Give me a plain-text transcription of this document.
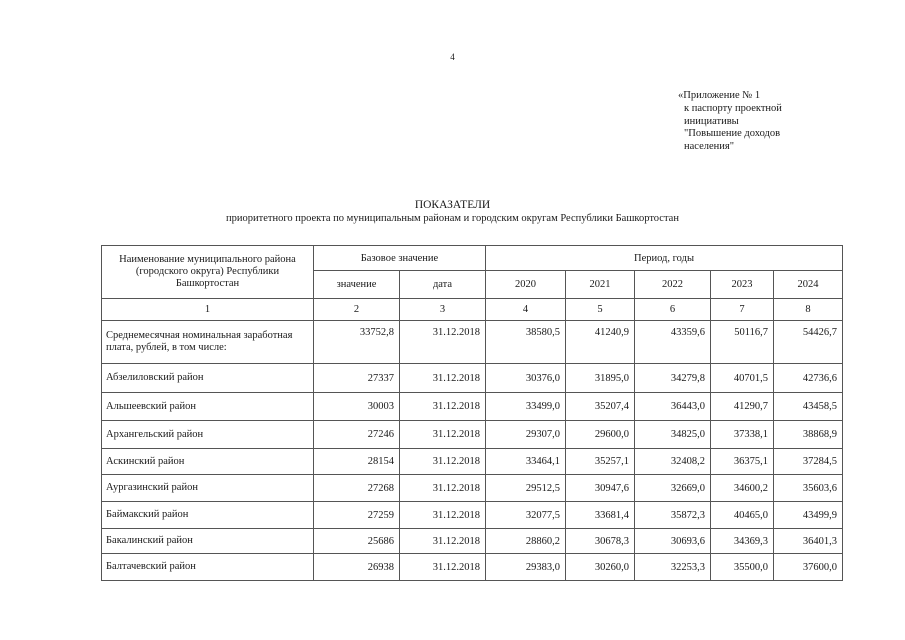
4
«Приложение № 1
к паспорту проектной
инициативы
"Повышение доходов
населения"
ПОКАЗАТЕЛИ
приоритетного проекта по муниципальным районам и городским округам Республики Башкортостан
Наименование муниципального района (городского округа) Республики Башкортостан	Базовое значение		Период, годы				
	значение	дата	2020	2021	2022	2023	2024
1	2	3	4	5	6	7	8
Среднемесячная номинальная заработная плата, рублей, в том числе:	33752,8	31.12.2018	38580,5	41240,9	43359,6	50116,7	54426,7
Абзелиловский район	27337	31.12.2018	30376,0	31895,0	34279,8	40701,5	42736,6
Альшеевский район	30003	31.12.2018	33499,0	35207,4	36443,0	41290,7	43458,5
Архангельский район	27246	31.12.2018	29307,0	29600,0	34825,0	37338,1	38868,9
Аскинский район	28154	31.12.2018	33464,1	35257,1	32408,2	36375,1	37284,5
Аургазинский район	27268	31.12.2018	29512,5	30947,6	32669,0	34600,2	35603,6
Баймакский район	27259	31.12.2018	32077,5	33681,4	35872,3	40465,0	43499,9
Бакалинский район	25686	31.12.2018	28860,2	30678,3	30693,6	34369,3	36401,3
Балтачевский район	26938	31.12.2018	29383,0	30260,0	32253,3	35500,0	37600,0
